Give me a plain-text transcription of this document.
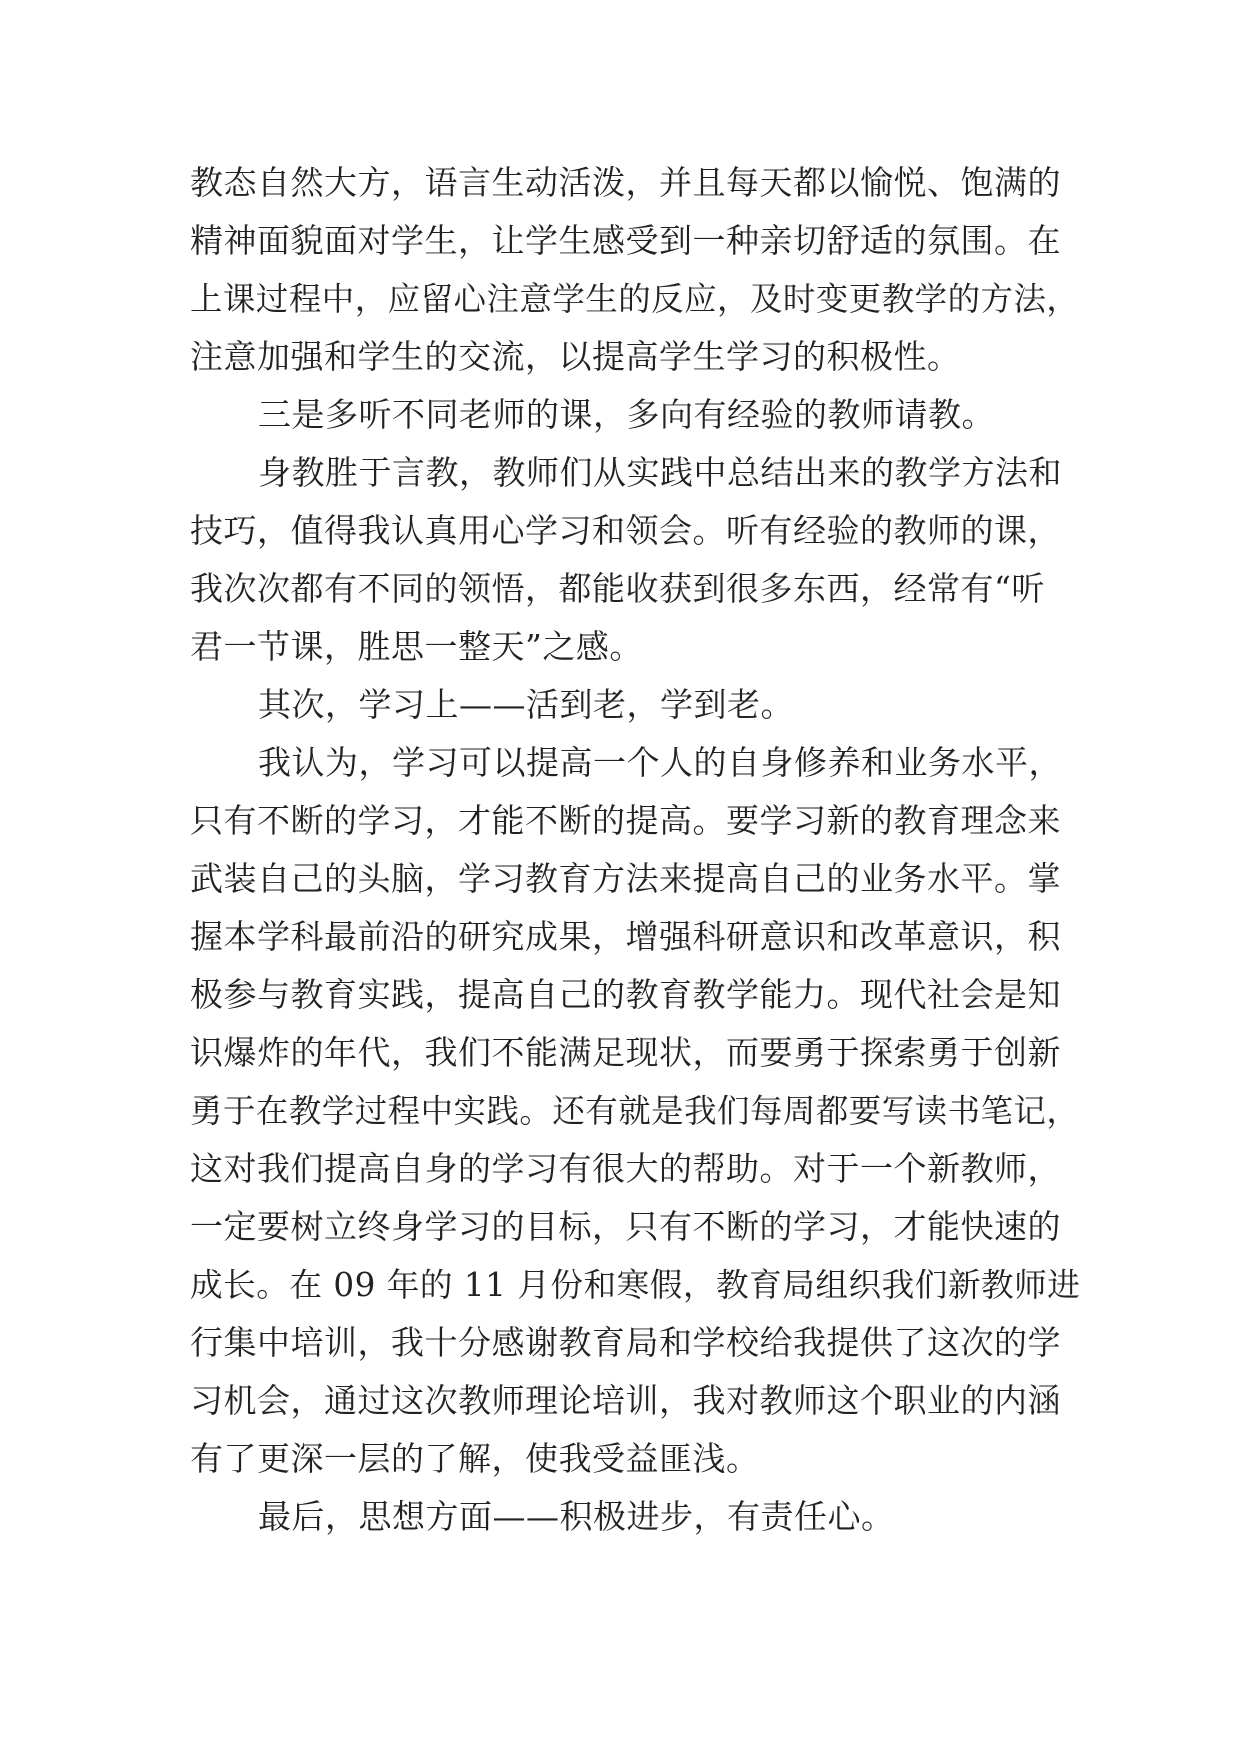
教态自然大方，语言生动活泼，并且每天都以愉悦、饱满的
精神面貌面对学生，让学生感受到一种亲切舒适的氛围。在
上课过程中，应留心注意学生的反应，及时变更教学的方法，
注意加强和学生的交流，以提高学生学习的积极性。
三是多听不同老师的课，多向有经验的教师请教。
身教胜于言教，教师们从实践中总结出来的教学方法和
技巧，值得我认真用心学习和领会。听有经验的教师的课，
我次次都有不同的领悟，都能收获到很多东西，经常有“听
君一节课，胜思一整天”之感。
其次，学习上——活到老，学到老。
我认为，学习可以提高一个人的自身修养和业务水平，
只有不断的学习，才能不断的提高。要学习新的教育理念来
武装自己的头脑，学习教育方法来提高自己的业务水平。掌
握本学科最前沿的研究成果，增强科研意识和改革意识，积
极参与教育实践，提高自己的教育教学能力。现代社会是知
识爆炸的年代，我们不能满足现状，而要勇于探索勇于创新
勇于在教学过程中实践。还有就是我们每周都要写读书笔记，
这对我们提高自身的学习有很大的帮助。对于一个新教师，
一定要树立终身学习的目标，只有不断的学习，才能快速的
成长。在 09 年的 11 月份和寒假，教育局组织我们新教师进
行集中培训，我十分感谢教育局和学校给我提供了这次的学
习机会，通过这次教师理论培训，我对教师这个职业的内涵
有了更深一层的了解，使我受益匪浅。
最后，思想方面——积极进步，有责任心。
